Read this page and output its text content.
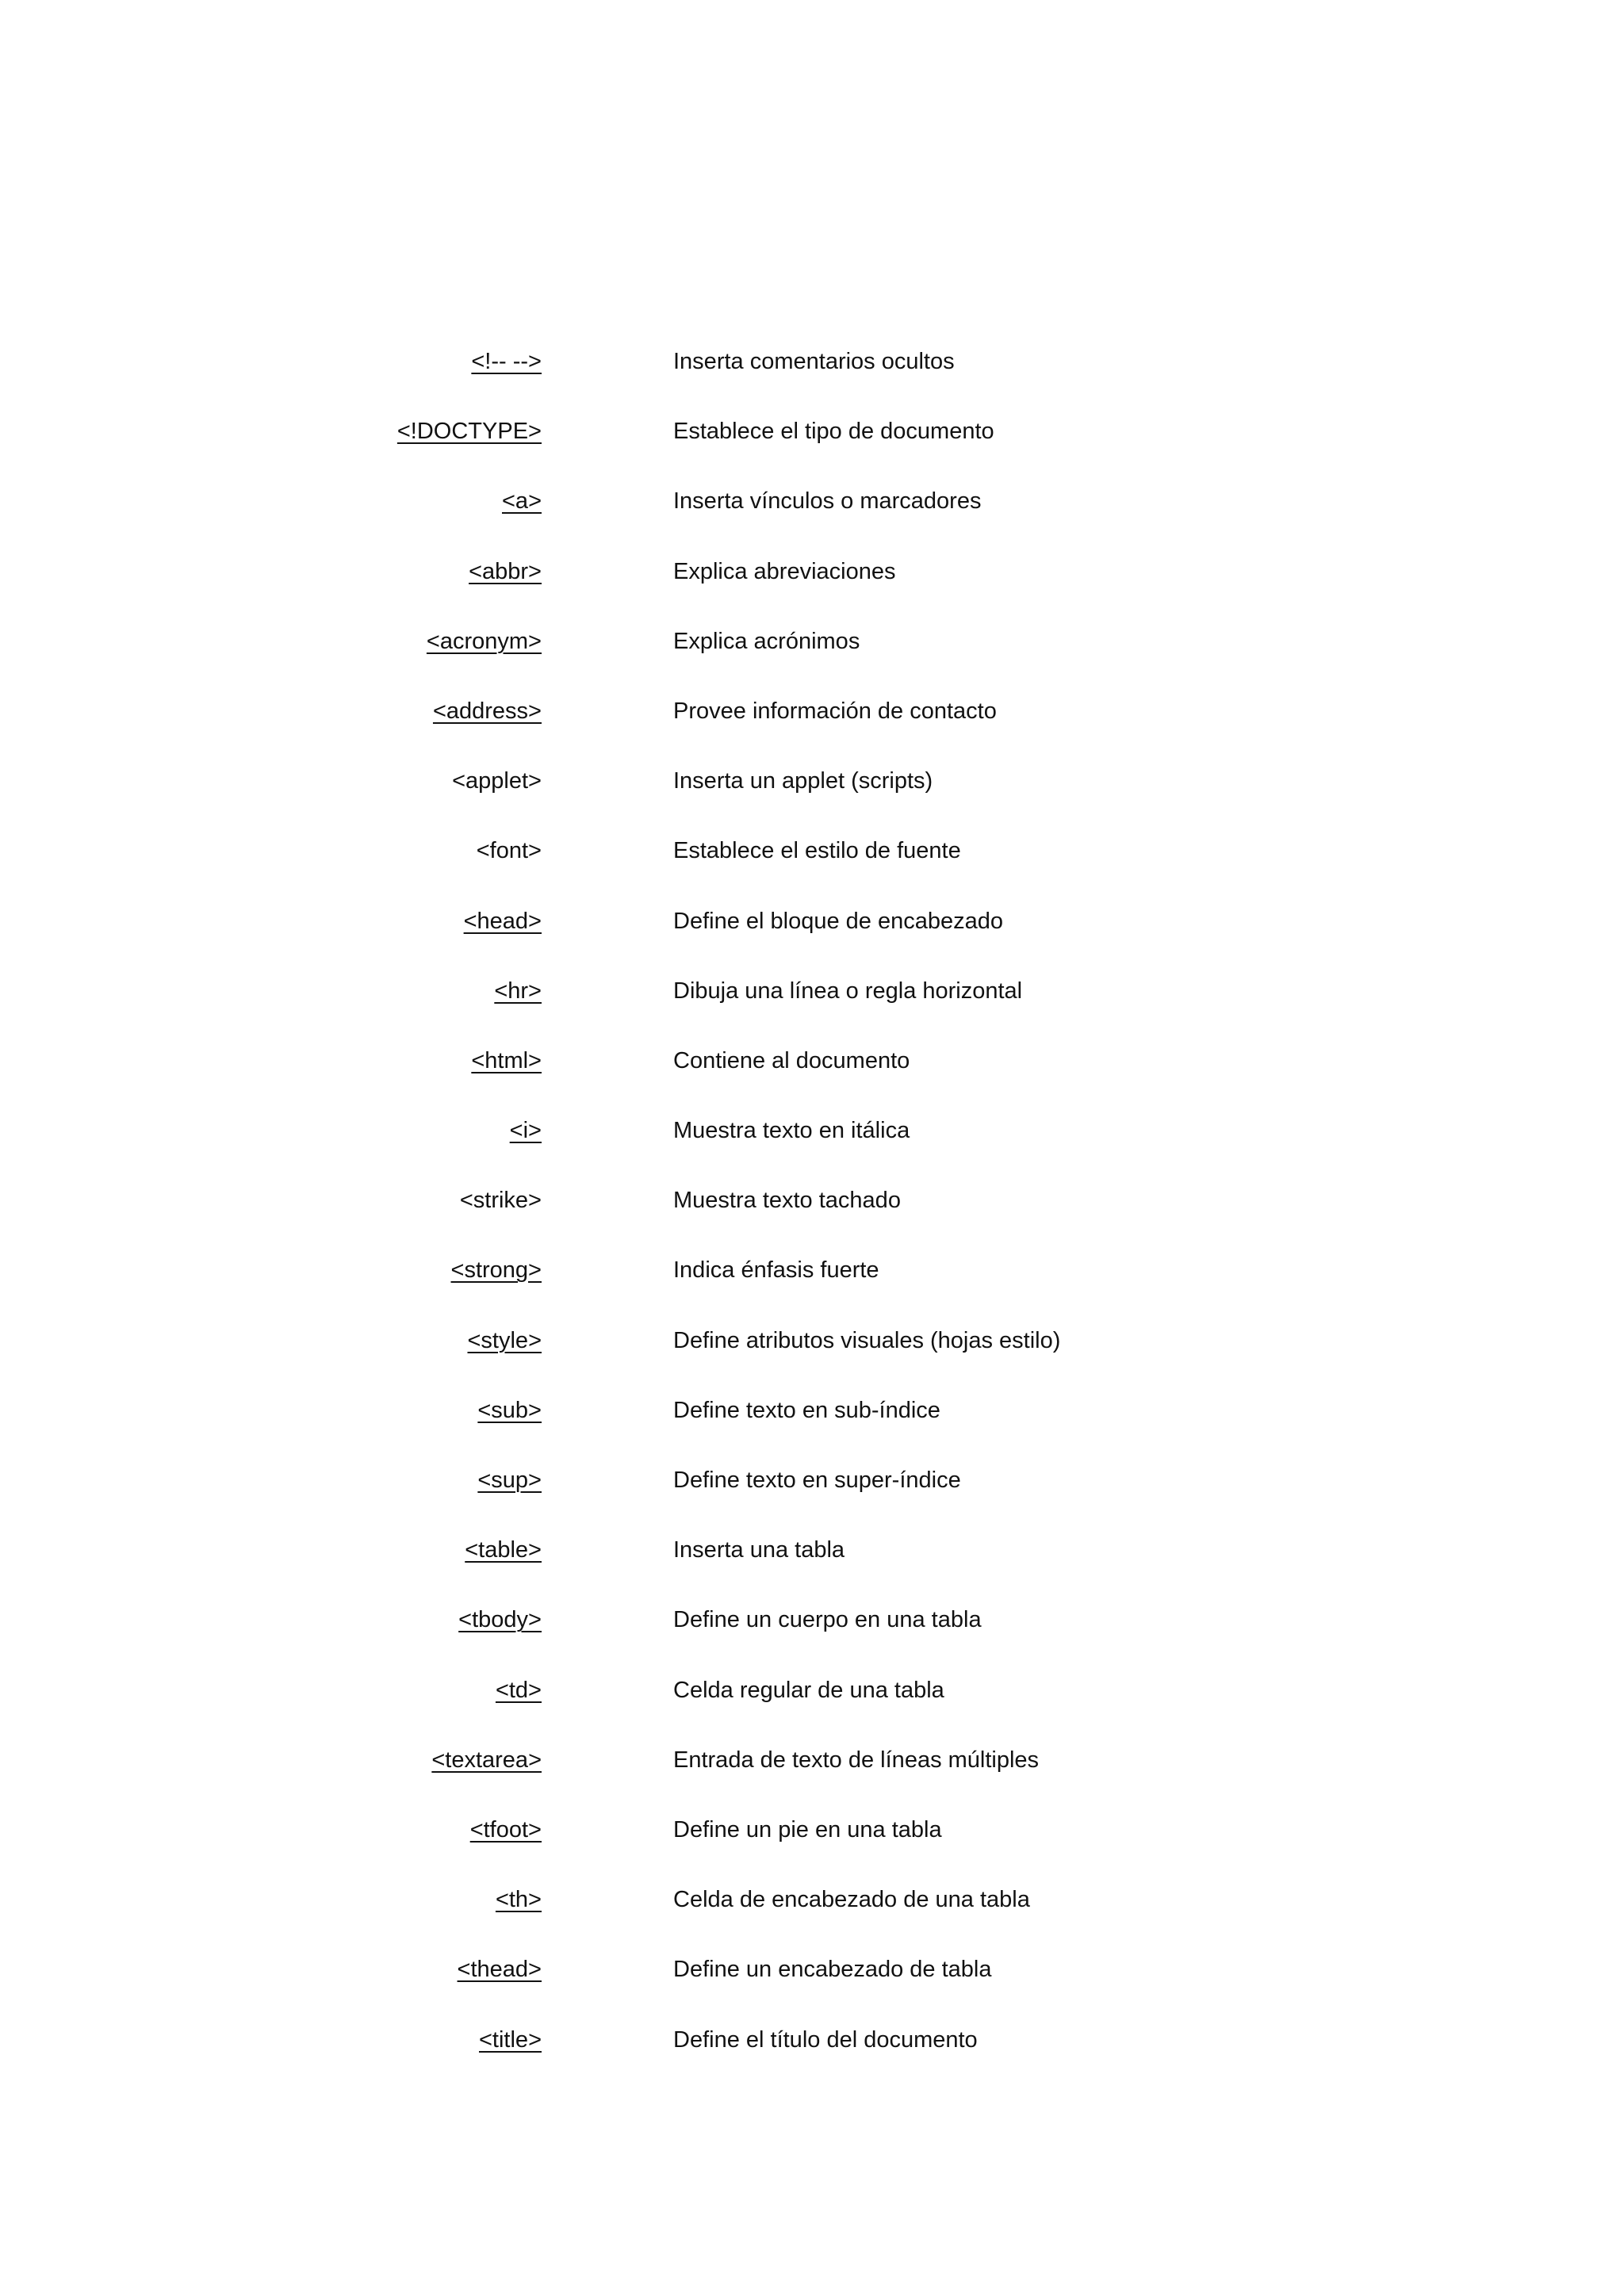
<!-- -->	Inserta comentarios ocultos
<!DOCTYPE>	Establece el tipo de documento
<a>	Inserta vínculos o marcadores
<abbr>	Explica abreviaciones
<acronym>	Explica acrónimos
<address>	Provee información de contacto
<applet>	Inserta un applet (scripts)
<font>	Establece el estilo de fuente
<head>	Define el bloque de encabezado
<hr>	Dibuja una línea o regla horizontal
<html>	Contiene al documento
<i>	Muestra texto en itálica
<strike>	Muestra texto tachado
<strong>	Indica énfasis fuerte
<style>	Define atributos visuales (hojas estilo)
<sub>	Define texto en sub-índice
<sup>	Define texto en super-índice
<table>	Inserta una tabla
<tbody>	Define un cuerpo en una tabla
<td>	Celda regular de una tabla
<textarea>	Entrada de texto de líneas múltiples
<tfoot>	Define un pie en una tabla
<th>	Celda de encabezado de una tabla
<thead>	Define un encabezado de tabla
<title>	Define el título del documento
